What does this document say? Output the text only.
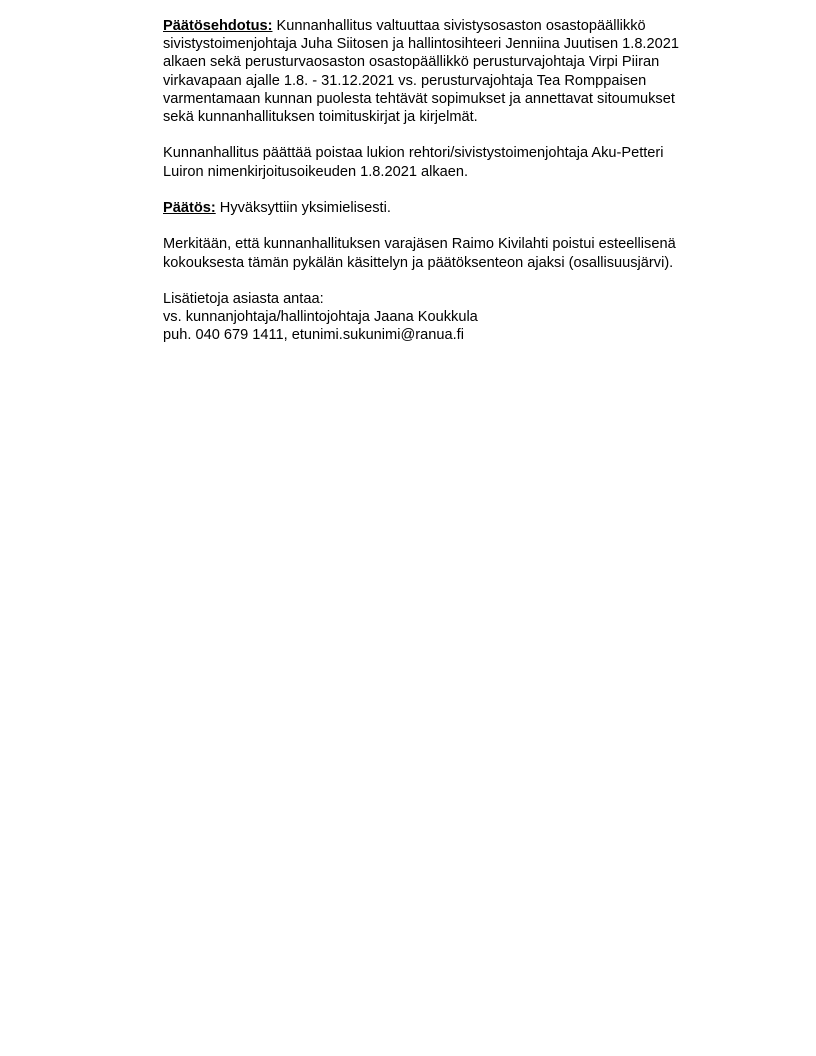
Päätösehdotus: Kunnanhallitus valtuuttaa sivistysosaston osastopäällikkö
sivistystoimenjohtaja Juha Siitosen ja hallintosihteeri Jenniina Juutisen 1.8.2021
alkaen sekä perusturvaosaston osastopäällikkö perusturvajohtaja Virpi Piiran
virkavapaan ajalle 1.8. - 31.12.2021 vs. perusturvajohtaja Tea Romppaisen
varmentamaan kunnan puolesta tehtävät sopimukset ja annettavat sitoumukset
sekä kunnanhallituksen toimituskirjat ja kirjelmät.

Kunnanhallitus päättää poistaa lukion rehtori/sivistystoimenjohtaja Aku-Petteri
Luiron nimenkirjoitusoikeuden 1.8.2021 alkaen.

Päätös: Hyväksyttiin yksimielisesti.

Merkitään, että kunnanhallituksen varajäsen Raimo Kivilahti poistui esteellisenä
kokouksesta tämän pykälän käsittelyn ja päätöksenteon ajaksi (osallisuusjärvi).

Lisätietoja asiasta antaa:
vs. kunnanjohtaja/hallintojohtaja Jaana Koukkula
puh. 040 679 1411, etunimi.sukunimi@ranua.fi
